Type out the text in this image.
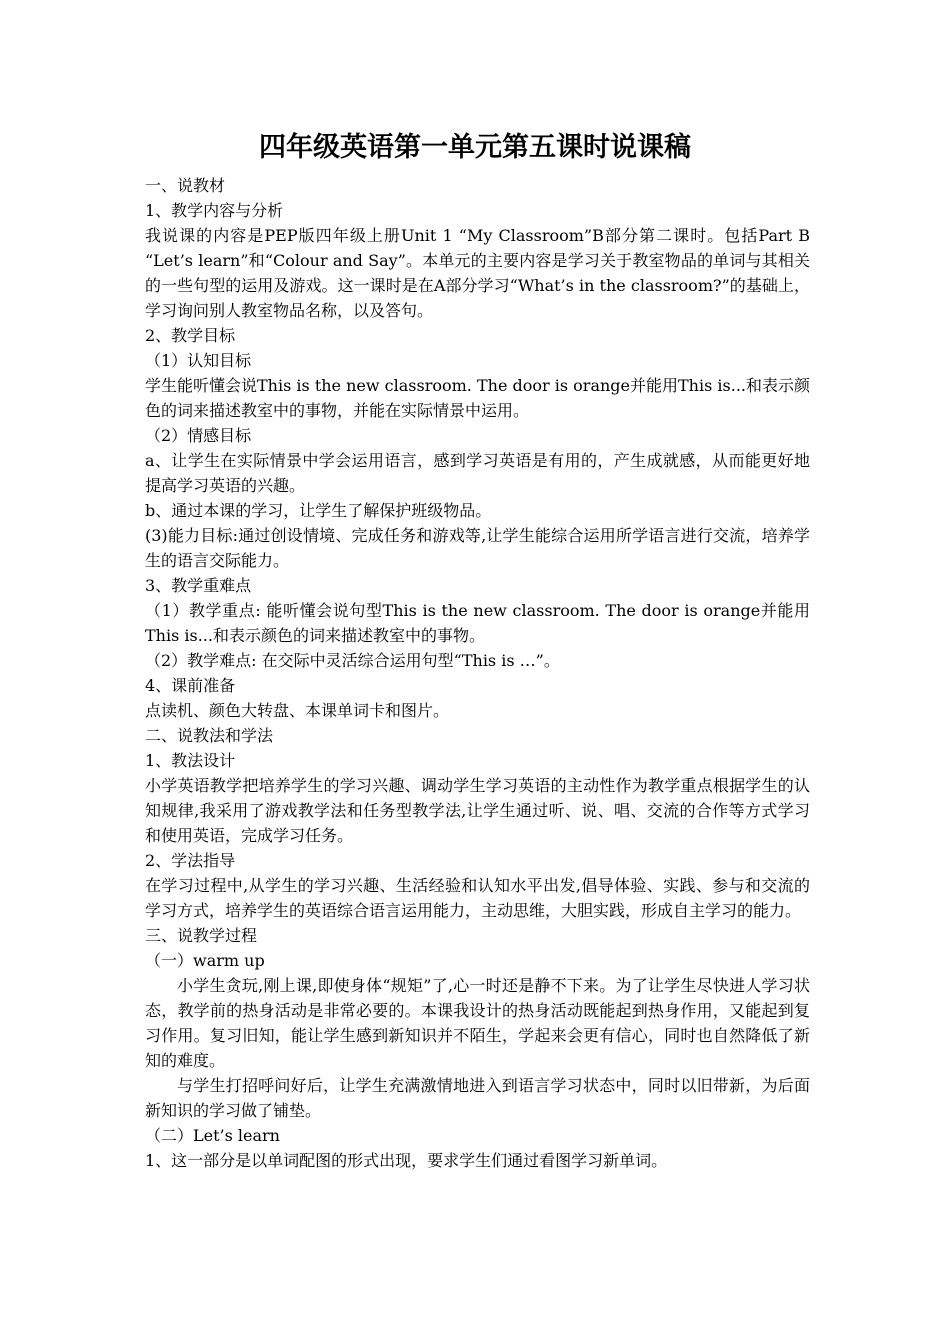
四年级英语第一单元第五课时说课稿

一、说教材

1、教学内容与分析

我说课的内容是PEP版四年级上册Unit 1 “My Classroom”B部分第二课时。包括Part B “Let’s learn”和“Colour and Say”。本单元的主要内容是学习关于教室物品的单词与其相关的一些句型的运用及游戏。这一课时是在A部分学习“What’s in the classroom?”的基础上，学习询问别人教室物品名称，以及答句。

2、教学目标

（1）认知目标

学生能听懂会说This is the new classroom. The door is orange并能用This is...和表示颜色的词来描述教室中的事物，并能在实际情景中运用。

（2）情感目标

a、让学生在实际情景中学会运用语言，感到学习英语是有用的，产生成就感，从而能更好地提高学习英语的兴趣。

b、通过本课的学习，让学生了解保护班级物品。

(3)能力目标:通过创设情境、完成任务和游戏等,让学生能综合运用所学语言进行交流，培养学生的语言交际能力。

3、教学重难点

（1）教学重点: 能听懂会说句型This is the new classroom. The door is orange并能用This is...和表示颜色的词来描述教室中的事物。

（2）教学难点: 在交际中灵活综合运用句型“This is …”。

4、课前准备

点读机、颜色大转盘、本课单词卡和图片。

二、说教法和学法

1、教法设计

小学英语教学把培养学生的学习兴趣、调动学生学习英语的主动性作为教学重点根据学生的认知规律,我采用了游戏教学法和任务型教学法,让学生通过听、说、唱、交流的合作等方式学习和使用英语，完成学习任务。

2、学法指导

在学习过程中,从学生的学习兴趣、生活经验和认知水平出发,倡导体验、实践、参与和交流的学习方式，培养学生的英语综合语言运用能力，主动思维，大胆实践，形成自主学习的能力。

三、说教学过程

（一）warm up

小学生贪玩,刚上课,即使身体“规矩”了,心一时还是静不下来。为了让学生尽快进人学习状态，教学前的热身活动是非常必要的。本课我设计的热身活动既能起到热身作用，又能起到复习作用。复习旧知，能让学生感到新知识并不陌生，学起来会更有信心，同时也自然降低了新知的难度。

与学生打招呼问好后，让学生充满激情地进入到语言学习状态中，同时以旧带新，为后面新知识的学习做了铺垫。

（二）Let’s learn

1、这一部分是以单词配图的形式出现，要求学生们通过看图学习新单词。
